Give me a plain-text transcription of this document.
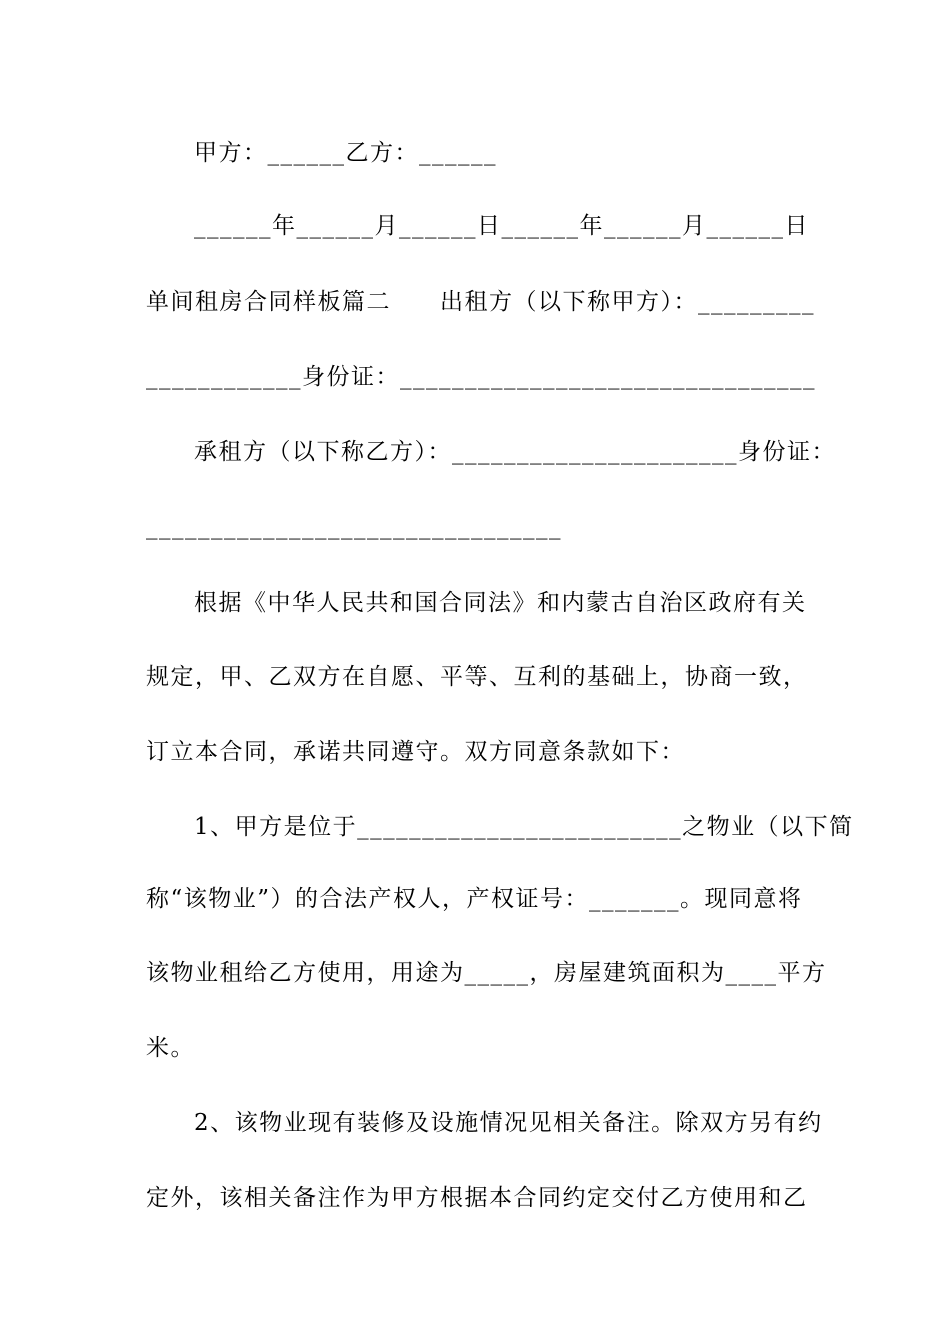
甲方：______乙方：______
______年______月______日______年______月______日
单间租房合同样板篇二　　出租方（以下称甲方）：_________
____________身份证：________________________________
承租方（以下称乙方）：______________________身份证：
________________________________
根据《中华人民共和国合同法》和内蒙古自治区政府有关
规定，甲、乙双方在自愿、平等、互利的基础上，协商一致，
订立本合同，承诺共同遵守。双方同意条款如下：
1、甲方是位于_________________________之物业（以下简
称“该物业”）的合法产权人，产权证号：_______。现同意将
该物业租给乙方使用，用途为_____，房屋建筑面积为____平方
米。
2、该物业现有装修及设施情况见相关备注。除双方另有约
定外，该相关备注作为甲方根据本合同约定交付乙方使用和乙
